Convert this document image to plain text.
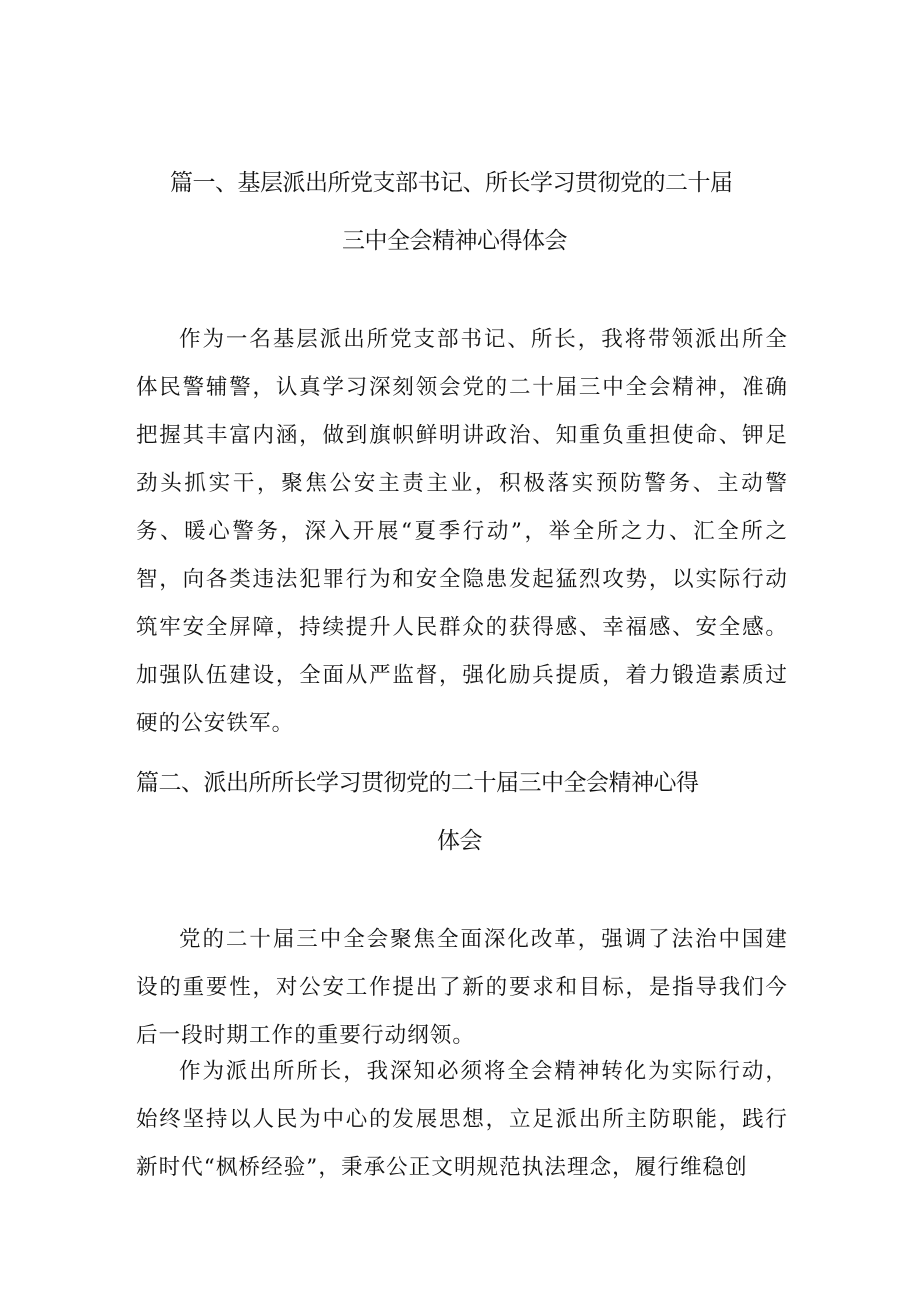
篇一、基层派出所党支部书记、所长学习贯彻党的二十届
三中全会精神心得体会

作为一名基层派出所党支部书记、所长，我将带领派出所全体民警辅警，认真学习深刻领会党的二十届三中全会精神，准确把握其丰富内涵，做到旗帜鲜明讲政治、知重负重担使命、钾足劲头抓实干，聚焦公安主责主业，积极落实预防警务、主动警务、暖心警务，深入开展“夏季行动”，举全所之力、汇全所之智，向各类违法犯罪行为和安全隐患发起猛烈攻势，以实际行动筑牢安全屏障，持续提升人民群众的获得感、幸福感、安全感。加强队伍建设，全面从严监督，强化励兵提质，着力锻造素质过硬的公安铁军。

篇二、派出所所长学习贯彻党的二十届三中全会精神心得
体会

党的二十届三中全会聚焦全面深化改革，强调了法治中国建设的重要性，对公安工作提出了新的要求和目标，是指导我们今后一段时期工作的重要行动纲领。

作为派出所所长，我深知必须将全会精神转化为实际行动，始终坚持以人民为中心的发展思想，立足派出所主防职能，践行新时代“枫桥经验”，秉承公正文明规范执法理念，履行维稳创
